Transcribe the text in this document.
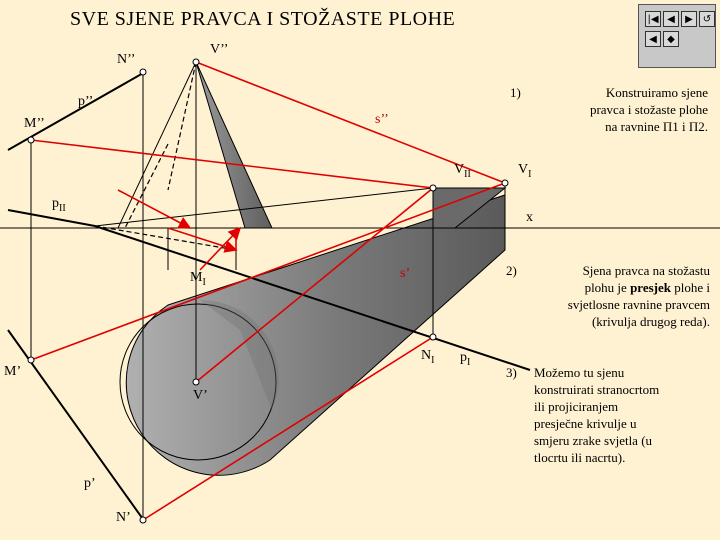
SVE SJENE PRAVCA I STOŽASTE PLOHE
N’’
V’’
p’’
M’’	s’’
$V_{II}$	$V_I$
$p_{II}$
x
$M_I$
s’
$N_I$ $p_I$
M’
V’
p’
N’
1)	Konstruiramo sjene
pravca i stožaste plohe
na ravnine Π1 i Π2.
2)	Sjena pravca na stožastu
plohu je presjek plohe i
svjetlosne ravnine pravcem
(krivulja drugog reda).
3) Možemo tu sjenu
konstruirati stranocrtom
ili projiciranjem
presječne krivulje u
smjeru zrake svjetla (u
tlocrtu ili nacrtu).
|◀ ◀	▶ ↺
◀	◆
